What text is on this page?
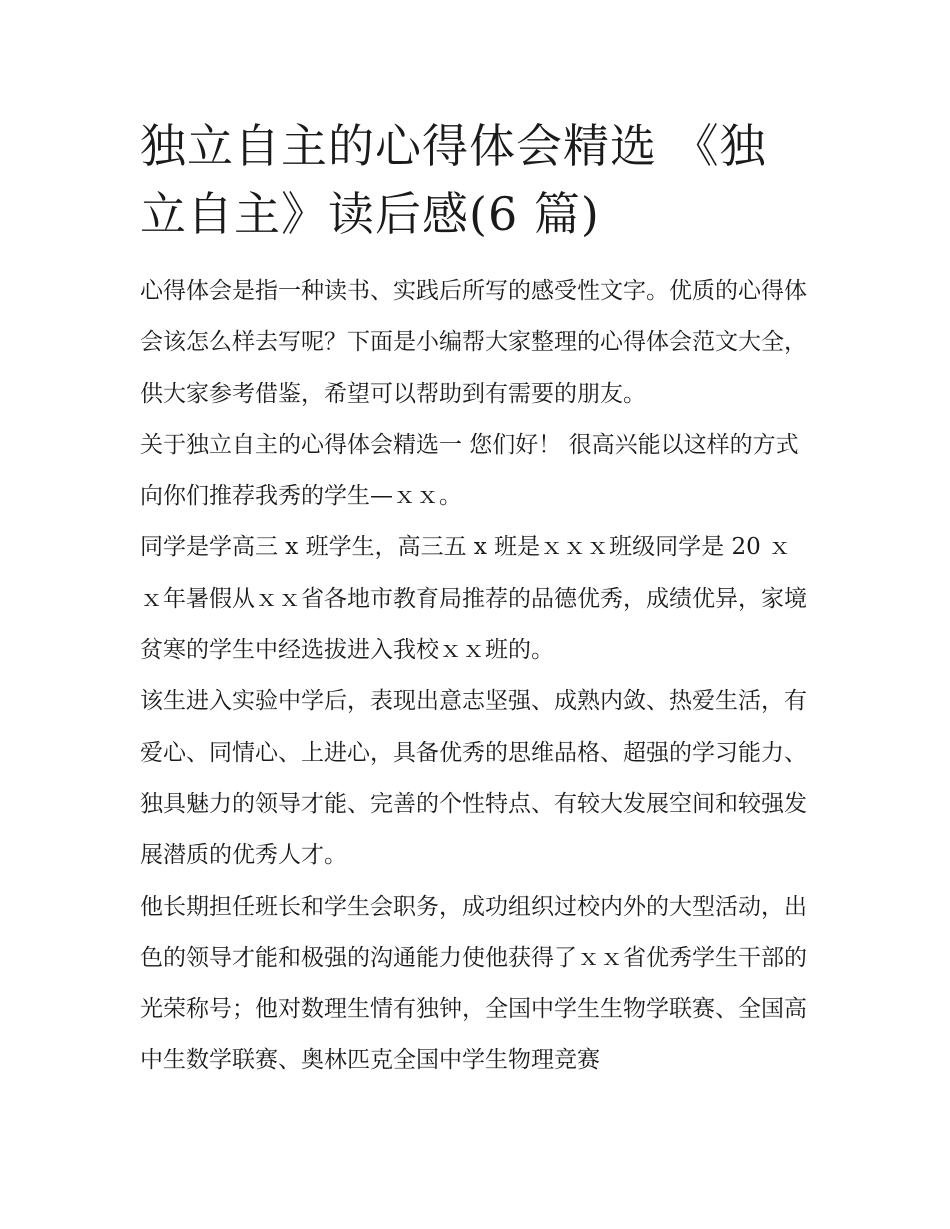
独立自主的心得体会精选 《独立自主》读后感(6 篇)

心得体会是指一种读书、实践后所写的感受性文字。优质的心得体会该怎么样去写呢？下面是小编帮大家整理的心得体会范文大全，供大家参考借鉴，希望可以帮助到有需要的朋友。

关于独立自主的心得体会精选一 您们好！ 很高兴能以这样的方式向你们推荐我秀的学生—ｘｘ。

同学是学高三 x 班学生，高三五 x 班是ｘｘｘ班级同学是 20 ｘｘ年暑假从ｘｘ省各地市教育局推荐的品德优秀，成绩优异，家境贫寒的学生中经选拔进入我校ｘｘ班的。

该生进入实验中学后，表现出意志坚强、成熟内敛、热爱生活，有爱心、同情心、上进心，具备优秀的思维品格、超强的学习能力、独具魅力的领导才能、完善的个性特点、有较大发展空间和较强发展潜质的优秀人才。

他长期担任班长和学生会职务，成功组织过校内外的大型活动，出色的领导才能和极强的沟通能力使他获得了ｘｘ省优秀学生干部的光荣称号；他对数理生情有独钟，全国中学生生物学联赛、全国高中生数学联赛、奥林匹克全国中学生物理竞赛
